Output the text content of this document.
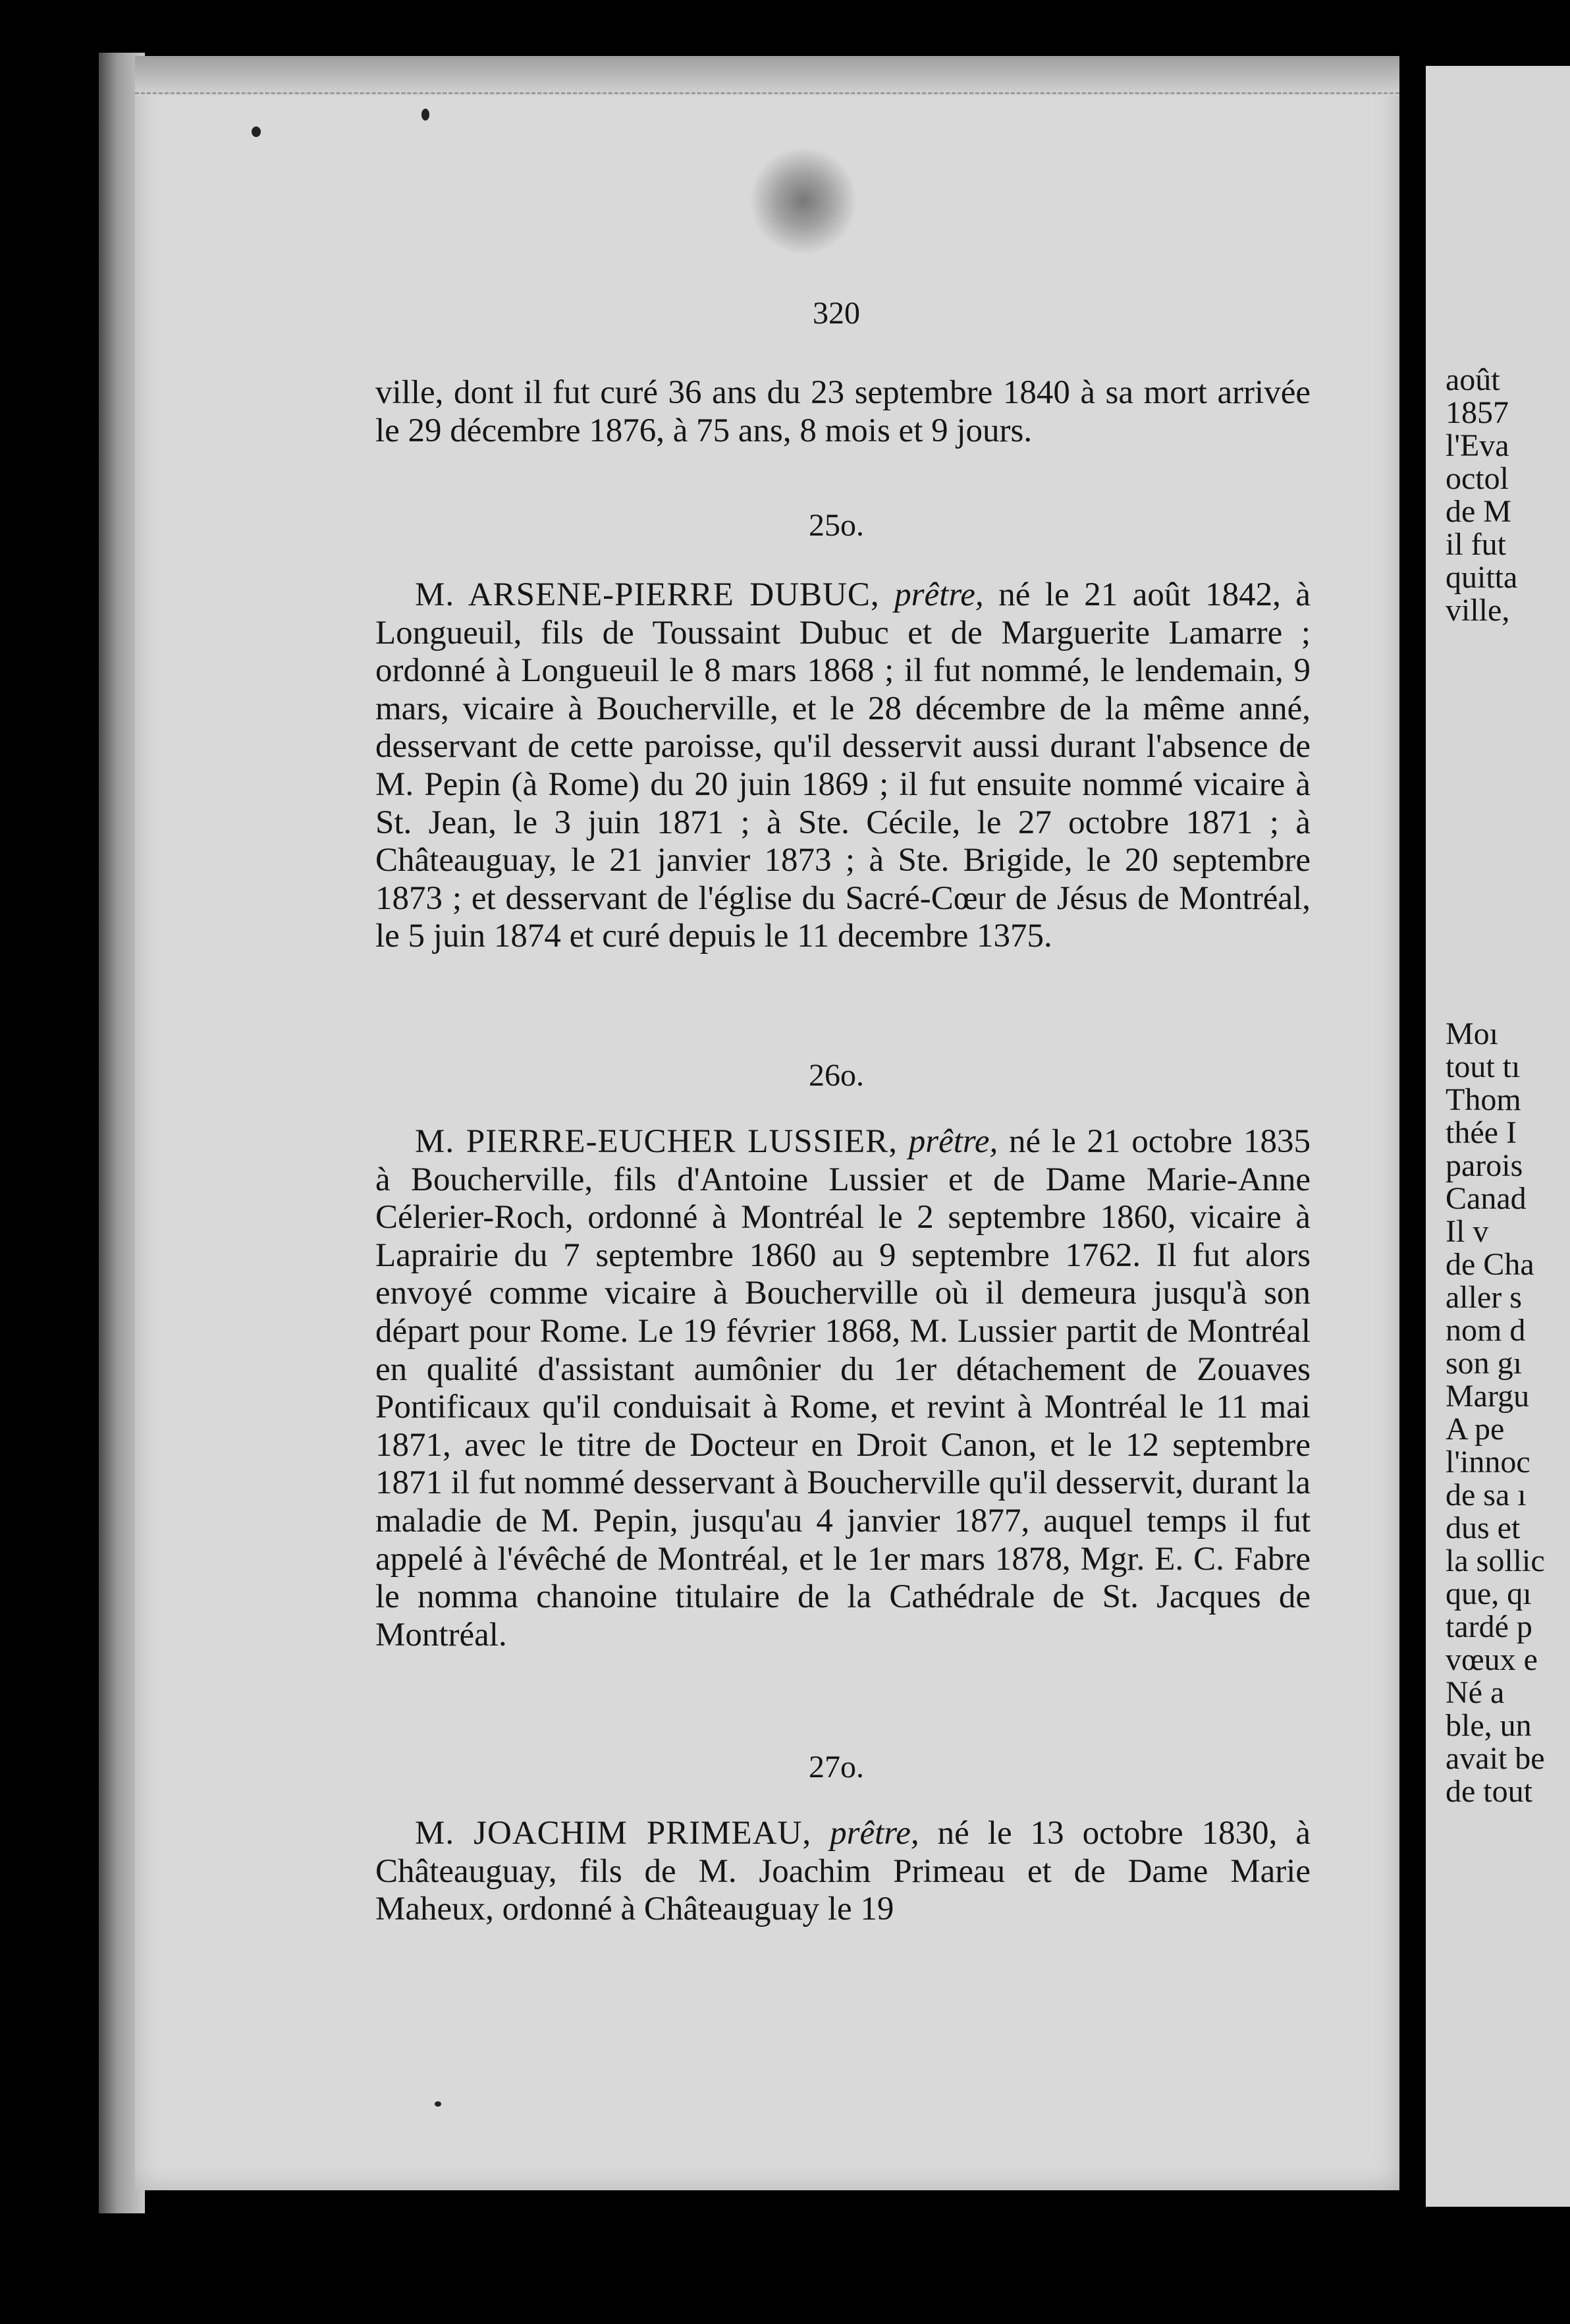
320

ville, dont il fut curé 36 ans du 23 septembre 1840 à sa mort arrivée le 29 décembre 1876, à 75 ans, 8 mois et 9 jours.

25o.

M. ARSENE-PIERRE DUBUC, prêtre, né le 21 août 1842, à Longueuil, fils de Toussaint Dubuc et de Marguerite Lamarre ; ordonné à Longueuil le 8 mars 1868 ; il fut nommé, le lendemain, 9 mars, vicaire à Boucherville, et le 28 décembre de la même anné, desservant de cette paroisse, qu'il desservit aussi durant l'absence de M. Pepin (à Rome) du 20 juin 1869 ; il fut ensuite nommé vicaire à St. Jean, le 3 juin 1871 ; à Ste. Cécile, le 27 octobre 1871 ; à Châteauguay, le 21 janvier 1873 ; à Ste. Brigide, le 20 septembre 1873 ; et desservant de l'église du Sacré-Cœur de Jésus de Montréal, le 5 juin 1874 et curé depuis le 11 decembre 1375.

26o.

M. PIERRE-EUCHER LUSSIER, prêtre, né le 21 octobre 1835 à Boucherville, fils d'Antoine Lussier et de Dame Marie-Anne Célerier-Roch, ordonné à Montréal le 2 septembre 1860, vicaire à Laprairie du 7 septembre 1860 au 9 septembre 1762. Il fut alors envoyé comme vicaire à Boucherville où il demeura jusqu'à son départ pour Rome. Le 19 février 1868, M. Lussier partit de Montréal en qualité d'assistant aumônier du 1er détachement de Zouaves Pontificaux qu'il conduisait à Rome, et revint à Montréal le 11 mai 1871, avec le titre de Docteur en Droit Canon, et le 12 septembre 1871 il fut nommé desservant à Boucherville qu'il desservit, durant la maladie de M. Pepin, jusqu'au 4 janvier 1877, auquel temps il fut appelé à l'évêché de Montréal, et le 1er mars 1878, Mgr. E. C. Fabre le nomma chanoine titulaire de la Cathédrale de St. Jacques de Montréal.

27o.

M. JOACHIM PRIMEAU, prêtre, né le 13 octobre 1830, à Châteauguay, fils de M. Joachim Primeau et de Dame Marie Maheux, ordonné à Châteauguay le 19

août
1857
l'Eva
octol
de M
il fut
quitta
ville,
Moı
tout tı
Thom
thée I
parois
Canad
Il v
de Cha
aller s
nom d
son gı
Margu
A pe
l'innoc
de sa ı
dus et
la sollic
que, qı
tardé p
vœux e
Né a
ble, un
avait be
de tout
